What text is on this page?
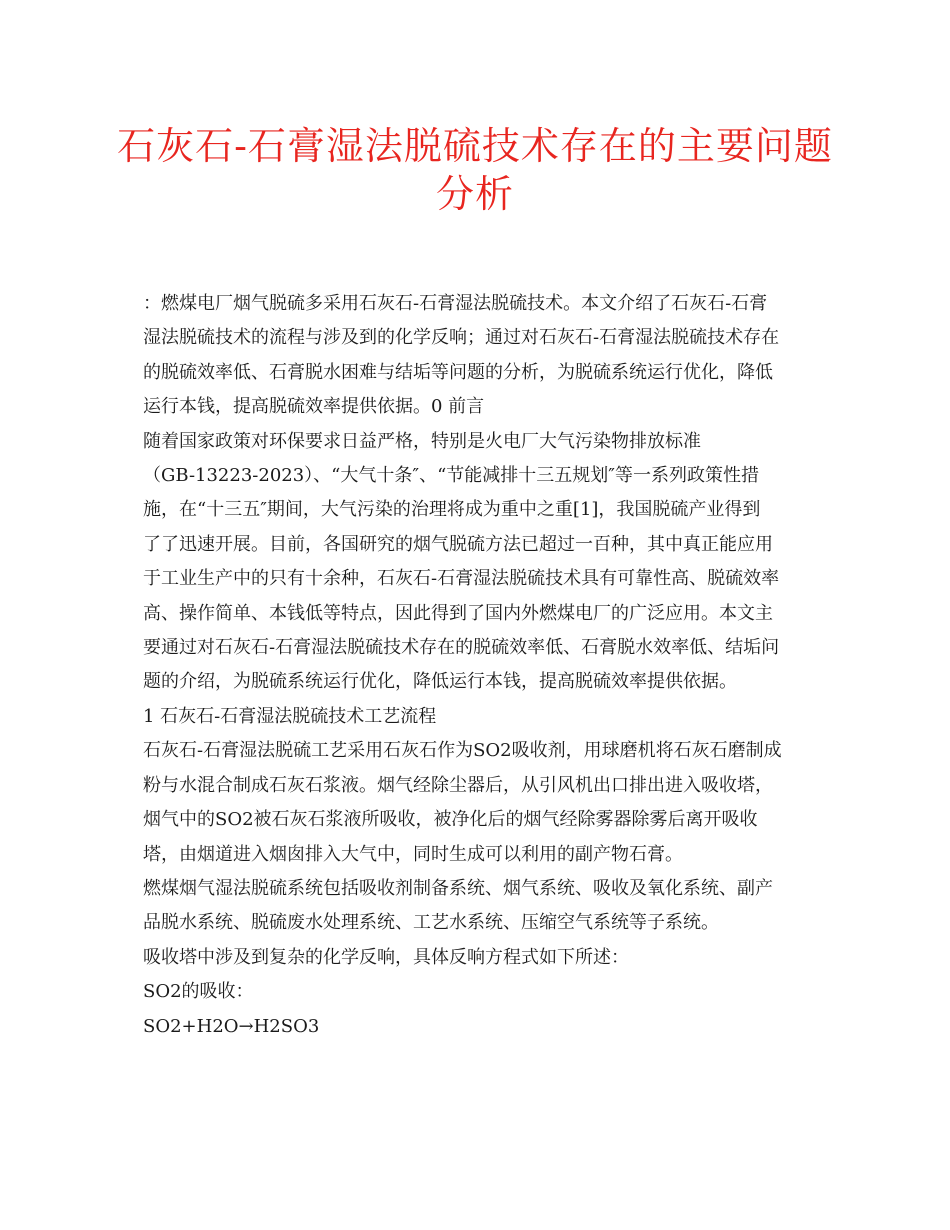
石灰石-石膏湿法脱硫技术存在的主要问题
分析
：燃煤电厂烟气脱硫多采用石灰石-石膏湿法脱硫技术。本文介绍了石灰石-石膏
湿法脱硫技术的流程与涉及到的化学反响；通过对石灰石-石膏湿法脱硫技术存在
的脱硫效率低、石膏脱水困难与结垢等问题的分析，为脱硫系统运行优化，降低
运行本钱，提高脱硫效率提供依据。0 前言
随着国家政策对环保要求日益严格，特别是火电厂大气污染物排放标准
（GB-13223-2023）、“大气十条″、“节能减排十三五规划″等一系列政策性措
施，在“十三五″期间，大气污染的治理将成为重中之重[1]，我国脱硫产业得到
了了迅速开展。目前，各国研究的烟气脱硫方法已超过一百种，其中真正能应用
于工业生产中的只有十余种，石灰石-石膏湿法脱硫技术具有可靠性高、脱硫效率
高、操作简单、本钱低等特点，因此得到了国内外燃煤电厂的广泛应用。本文主
要通过对石灰石-石膏湿法脱硫技术存在的脱硫效率低、石膏脱水效率低、结垢问
题的介绍，为脱硫系统运行优化，降低运行本钱，提高脱硫效率提供依据。
1 石灰石-石膏湿法脱硫技术工艺流程
石灰石-石膏湿法脱硫工艺采用石灰石作为SO2吸收剂，用球磨机将石灰石磨制成
粉与水混合制成石灰石浆液。烟气经除尘器后，从引风机出口排出进入吸收塔，
烟气中的SO2被石灰石浆液所吸收，被净化后的烟气经除雾器除雾后离开吸收
塔，由烟道进入烟囱排入大气中，同时生成可以利用的副产物石膏。
燃煤烟气湿法脱硫系统包括吸收剂制备系统、烟气系统、吸收及氧化系统、副产
品脱水系统、脱硫废水处理系统、工艺水系统、压缩空气系统等子系统。
吸收塔中涉及到复杂的化学反响，具体反响方程式如下所述：
SO2的吸收：
SO2+H2O→H2SO3
